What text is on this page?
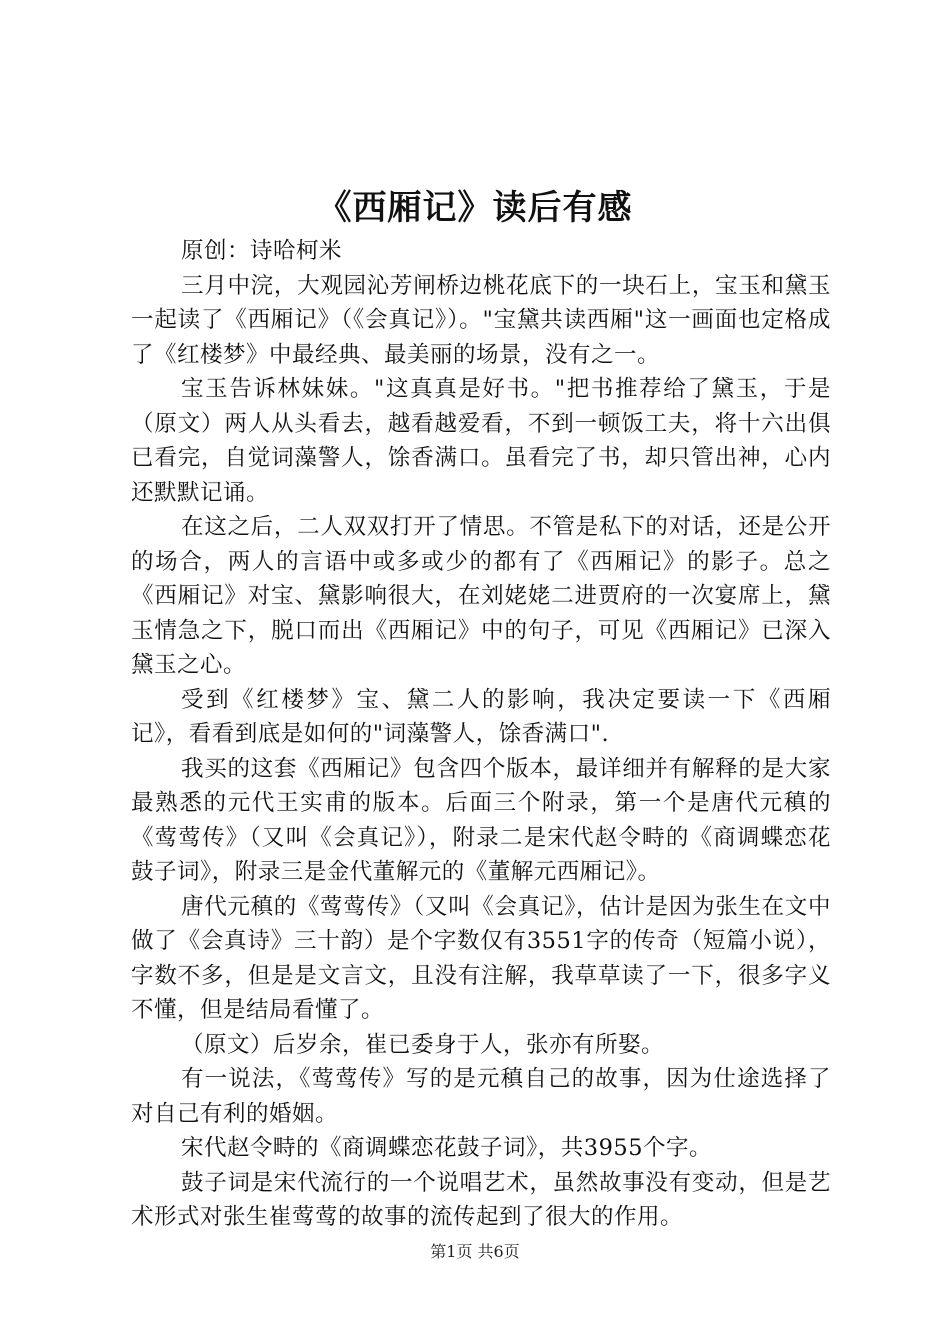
《西厢记》读后有感

原创：诗哈柯米

三月中浣，大观园沁芳闸桥边桃花底下的一块石上，宝玉和黛玉一起读了《西厢记》（《会真记》）。"宝黛共读西厢"这一画面也定格成了《红楼梦》中最经典、最美丽的场景，没有之一。

宝玉告诉林妹妹。"这真真是好书。"把书推荐给了黛玉，于是（原文）两人从头看去，越看越爱看，不到一顿饭工夫，将十六出俱已看完，自觉词藻警人，馀香满口。虽看完了书，却只管出神，心内还默默记诵。

在这之后，二人双双打开了情思。不管是私下的对话，还是公开的场合，两人的言语中或多或少的都有了《西厢记》的影子。总之《西厢记》对宝、黛影响很大，在刘姥姥二进贾府的一次宴席上，黛玉情急之下，脱口而出《西厢记》中的句子，可见《西厢记》已深入黛玉之心。

受到《红楼梦》宝、黛二人的影响，我决定要读一下《西厢记》，看看到底是如何的"词藻警人，馀香满口".

我买的这套《西厢记》包含四个版本，最详细并有解释的是大家最熟悉的元代王实甫的版本。后面三个附录，第一个是唐代元稹的《莺莺传》（又叫《会真记》），附录二是宋代赵令畤的《商调蝶恋花鼓子词》，附录三是金代董解元的《董解元西厢记》。

唐代元稹的《莺莺传》（又叫《会真记》，估计是因为张生在文中做了《会真诗》三十韵）是个字数仅有3551字的传奇（短篇小说），字数不多，但是是文言文，且没有注解，我草草读了一下，很多字义不懂，但是结局看懂了。

（原文）后岁余，崔已委身于人，张亦有所娶。

有一说法，《莺莺传》写的是元稹自己的故事，因为仕途选择了对自己有利的婚姻。

宋代赵令畤的《商调蝶恋花鼓子词》，共3955个字。

鼓子词是宋代流行的一个说唱艺术，虽然故事没有变动，但是艺术形式对张生崔莺莺的故事的流传起到了很大的作用。

第1页 共6页
